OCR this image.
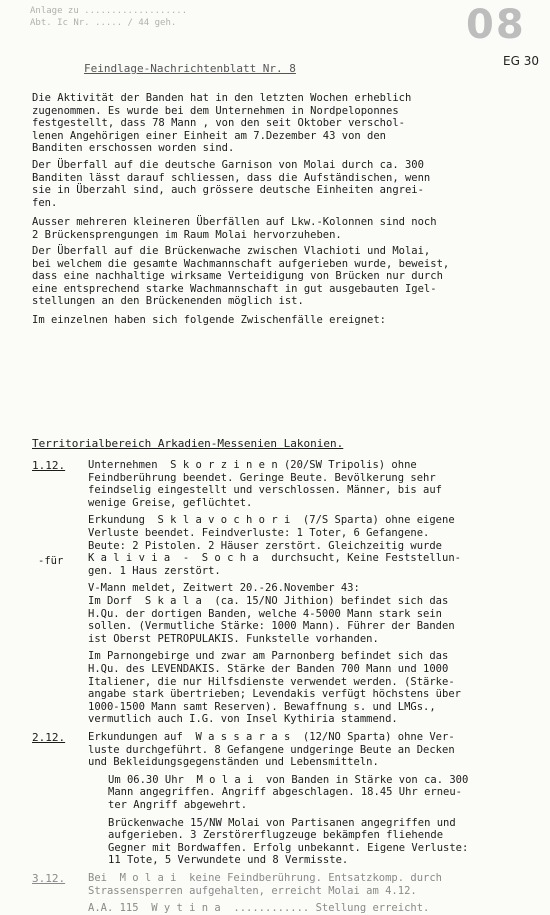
Anlage zu ...................
Abt. Ic Nr. ..... / 44 geh.	08
EG 30
Feindlage-Nachrichtenblatt Nr. 8

Die Aktivität der Banden hat in den letzten Wochen erheblich
zugenommen. Es wurde bei dem Unternehmen in Nordpeloponnes
festgestellt, dass 78 Mann , von den seit Oktober verschol-
lenen Angehörigen einer Einheit am 7.Dezember 43 von den
Banditen erschossen worden sind.

Der Überfall auf die deutsche Garnison von Molai durch ca. 300
Banditen lässt darauf schliessen, dass die Aufständischen, wenn
sie in Überzahl sind, auch grössere deutsche Einheiten angrei-
fen.

Ausser mehreren kleineren Überfällen auf Lkw.-Kolonnen sind noch
2 Brückensprengungen im Raum Molai hervorzuheben.

Der Überfall auf die Brückenwache zwischen Vlachioti und Molai,
bei welchem die gesamte Wachmannschaft aufgerieben wurde, beweist,
dass eine nachhaltige wirksame Verteidigung von Brücken nur durch
eine entsprechend starke Wachmannschaft in gut ausgebauten Igel-
stellungen an den Brückenenden möglich ist.

Im einzelnen haben sich folgende Zwischenfälle ereignet:

Territorialbereich Arkadien-Messenien Lakonien.
-für
1.12. Unternehmen  S k o r z i n e n (20/SW Tripolis) ohne
Feindberührung beendet. Geringe Beute. Bevölkerung sehr
feindselig eingestellt und verschlossen. Männer, bis auf
wenige Greise, geflüchtet.

Erkundung  S k l a v o c h o r i  (7/S Sparta) ohne eigene
Verluste beendet. Feindverluste: 1 Toter, 6 Gefangene.
Beute: 2 Pistolen. 2 Häuser zerstört. Gleichzeitig wurde
K a l i v i a  -  S o c h a  durchsucht, Keine Feststellun-
gen. 1 Haus zerstört.

V-Mann meldet, Zeitwert 20.-26.November 43:
Im Dorf  S k a l a  (ca. 15/NO Jithion) befindet sich das
H.Qu. der dortigen Banden, welche 4-5000 Mann stark sein
sollen. (Vermutliche Stärke: 1000 Mann). Führer der Banden
ist Oberst PETROPULAKIS. Funkstelle vorhanden.

Im Parnongebirge und zwar am Parnonberg befindet sich das
H.Qu. des LEVENDAKIS. Stärke der Banden 700 Mann und 1000
Italiener, die nur Hilfsdienste verwendet werden. (Stärke-
angabe stark übertrieben; Levendakis verfügt höchstens über
1000-1500 Mann samt Reserven). Bewaffnung s. und LMGs.,
vermutlich auch I.G. von Insel Kythiria stammend.

2.12. Erkundungen auf  W a s s a r a s  (12/NO Sparta) ohne Ver-
luste durchgeführt. 8 Gefangene undgeringe Beute an Decken
und Bekleidungsgegenständen und Lebensmitteln.

Um 06.30 Uhr  M o l a i  von Banden in Stärke von ca. 300
Mann angegriffen. Angriff abgeschlagen. 18.45 Uhr erneu-
ter Angriff abgewehrt.

Brückenwache 15/NW Molai von Partisanen angegriffen und
aufgerieben. 3 Zerstörerflugzeuge bekämpfen fliehende
Gegner mit Bordwaffen. Erfolg unbekannt. Eigene Verluste:
11 Tote, 5 Verwundete und 8 Vermisste.

3.12. Bei  M o l a i  keine Feindberührung. Entsatzkomp. durch
Strassensperren aufgehalten, erreicht Molai am 4.12.

A.A. 115  W y t i n a  ............ Stellung erreicht.
